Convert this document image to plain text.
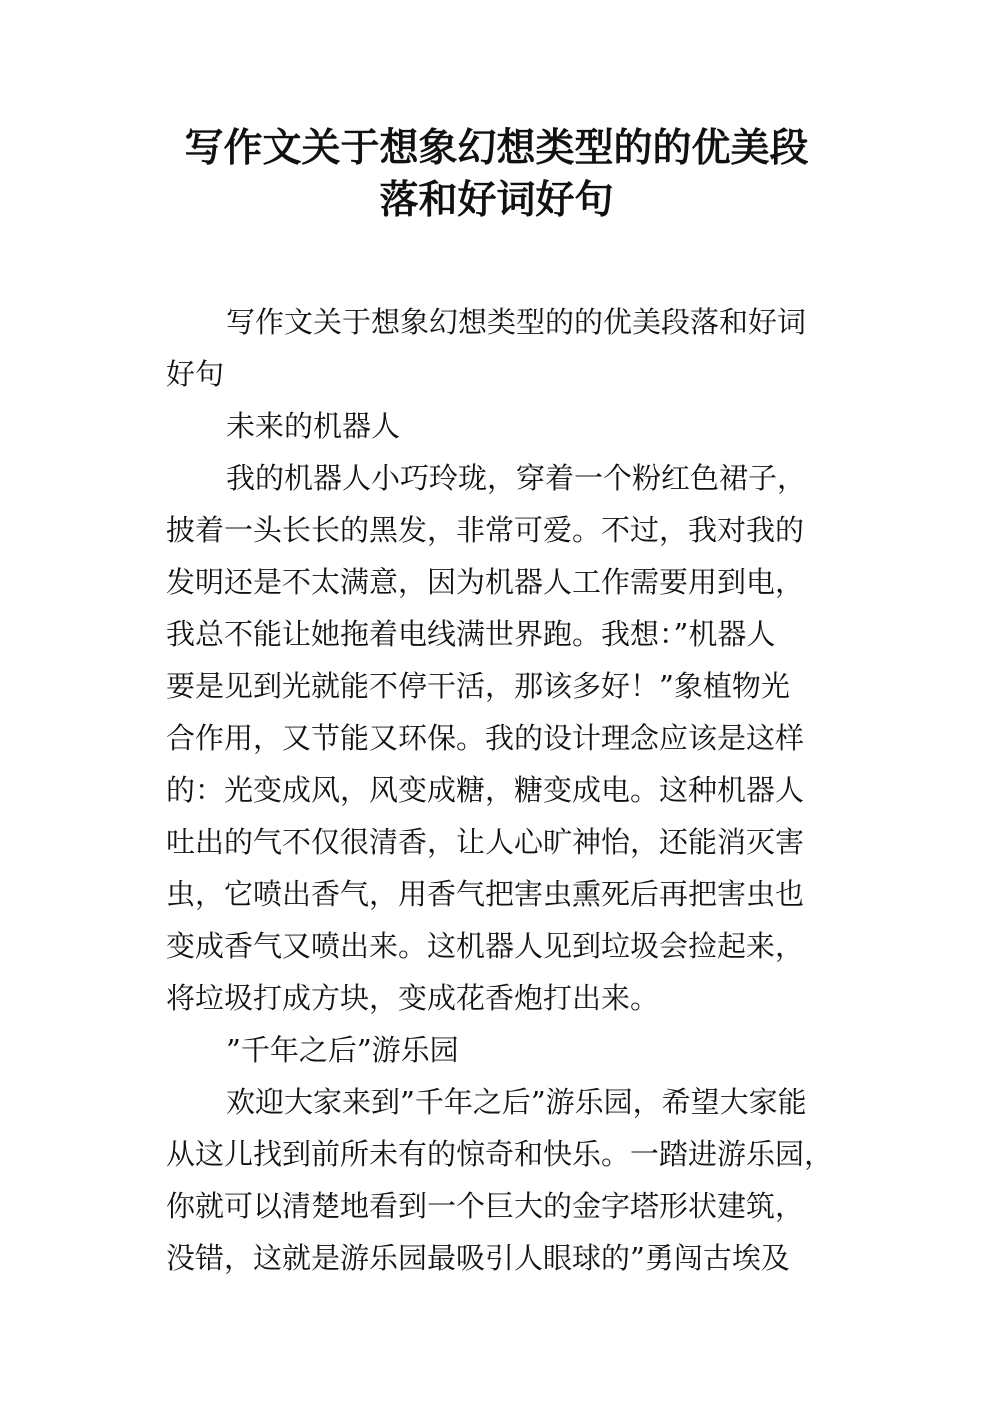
写作文关于想象幻想类型的的优美段
落和好词好句
写作文关于想象幻想类型的的优美段落和好词
好句
未来的机器人
我的机器人小巧玲珑，穿着一个粉红色裙子，
披着一头长长的黑发，非常可爱。不过，我对我的
发明还是不太满意，因为机器人工作需要用到电，
我总不能让她拖着电线满世界跑。我想：”机器人
要是见到光就能不停干活，那该多好！”象植物光
合作用，又节能又环保。我的设计理念应该是这样
的：光变成风，风变成糖，糖变成电。这种机器人
吐出的气不仅很清香，让人心旷神怡，还能消灭害
虫，它喷出香气，用香气把害虫熏死后再把害虫也
变成香气又喷出来。这机器人见到垃圾会捡起来，
将垃圾打成方块，变成花香炮打出来。
”千年之后”游乐园
欢迎大家来到”千年之后”游乐园，希望大家能
从这儿找到前所未有的惊奇和快乐。一踏进游乐园，
你就可以清楚地看到一个巨大的金字塔形状建筑，
没错，这就是游乐园最吸引人眼球的”勇闯古埃及
